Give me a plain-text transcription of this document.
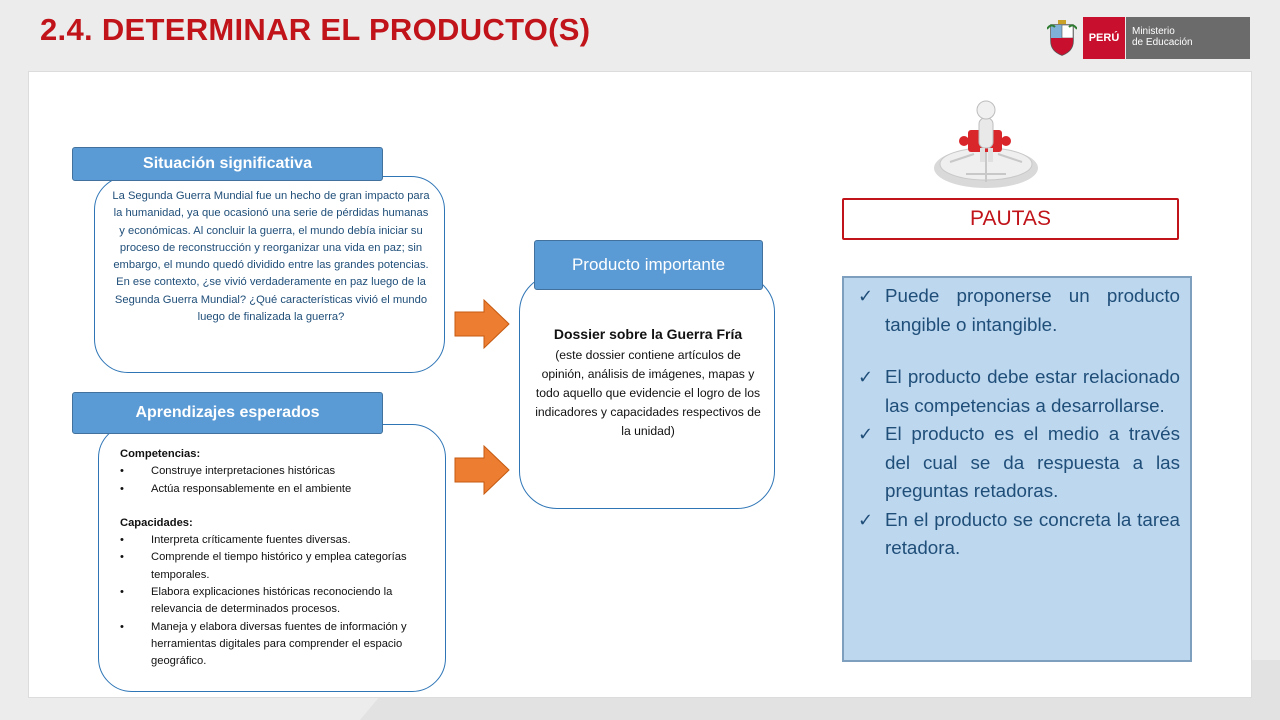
2.4. DETERMINAR EL PRODUCTO(S)	PERÚ
Ministerio
de Educación
Situación significativa
La Segunda Guerra Mundial fue un hecho de gran impacto para la humanidad, ya que ocasionó una serie de pérdidas humanas y económicas. Al concluir la guerra, el mundo debía iniciar su proceso de reconstrucción y reorganizar una vida en paz; sin embargo, el mundo quedó dividido entre las grandes potencias. En ese contexto, ¿se vivió verdaderamente en paz luego de la Segunda Guerra Mundial? ¿Qué características vivió el mundo luego de finalizada la guerra?
Aprendizajes esperados
Competencias:
• Construye interpretaciones históricas
• Actúa responsablemente en el ambiente
Capacidades:
• Interpreta críticamente fuentes diversas.
• Comprende el tiempo histórico y emplea categorías temporales.
• Elabora explicaciones históricas reconociendo la relevancia de determinados procesos.
• Maneja y elabora diversas fuentes de información y herramientas digitales para comprender el espacio geográfico.
Producto importante
Dossier sobre la Guerra Fría
(este dossier contiene artículos de opinión, análisis de imágenes, mapas y todo aquello que evidencie el logro de los indicadores y capacidades respectivos de la unidad)
PAUTAS
✓ Puede proponerse un producto tangible o intangible.
✓ El producto debe estar relacionado las competencias a desarrollarse.
✓ El producto es el medio a través del cual se da respuesta a las preguntas retadoras.
✓ En el producto se concreta la tarea retadora.
